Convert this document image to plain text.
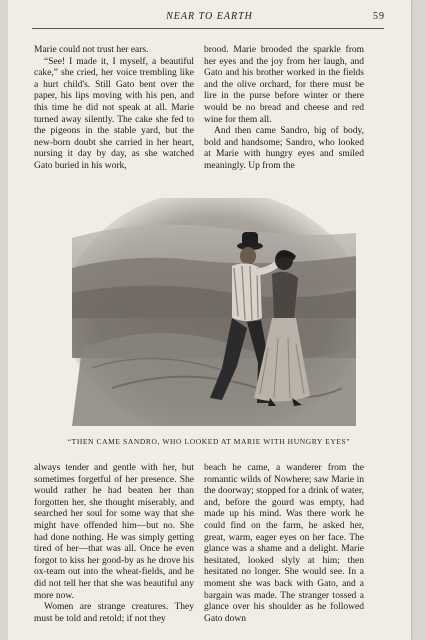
NEAR TO EARTH	59

Marie could not trust her ears.

“See! I made it, I myself, a beautiful cake,” she cried, her voice trembling like a hurt child's. Still Gato bent over the paper, his lips moving with his pen, and this time he did not speak at all. Marie turned away silently. The cake she fed to the pigeons in the stable yard, but the new-born doubt she carried in her heart, nursing it day by day, as she watched Gato buried in his work,

brood. Marie brooded the sparkle from her eyes and the joy from her laugh, and Gato and his brother worked in the fields and the olive orchard, for there must be lire in the purse before winter or there would be no bread and cheese and red wine for them all.

And then came Sandro, big of body, bold and handsome; Sandro, who looked at Marie with hungry eyes and smiled meaningly. Up from the

“THEN CAME SANDRO, WHO LOOKED AT MARIE WITH HUNGRY EYES”

always tender and gentle with her, but sometimes forgetful of her presence. She would rather he had beaten her than forgotten her, she thought miserably, and searched her soul for some way that she might have offended him—but no. She had done nothing. He was simply getting tired of her—that was all. Once he even forgot to kiss her good-by as he drove his ox-team out into the wheat-fields, and he did not tell her that she was beautiful any more now.

Women are strange creatures. They must be told and retold; if not they

beach he came, a wanderer from the romantic wilds of Nowhere; saw Marie in the doorway; stopped for a drink of water, and, before the gourd was empty, had made up his mind. Was there work he could find on the farm, he asked her, great, warm, eager eyes on her face. The glance was a shame and a delight. Marie hesitated, looked slyly at him; then hesitated no longer. She would see. In a moment she was back with Gato, and a bargain was made. The stranger tossed a glance over his shoulder as he followed Gato down
